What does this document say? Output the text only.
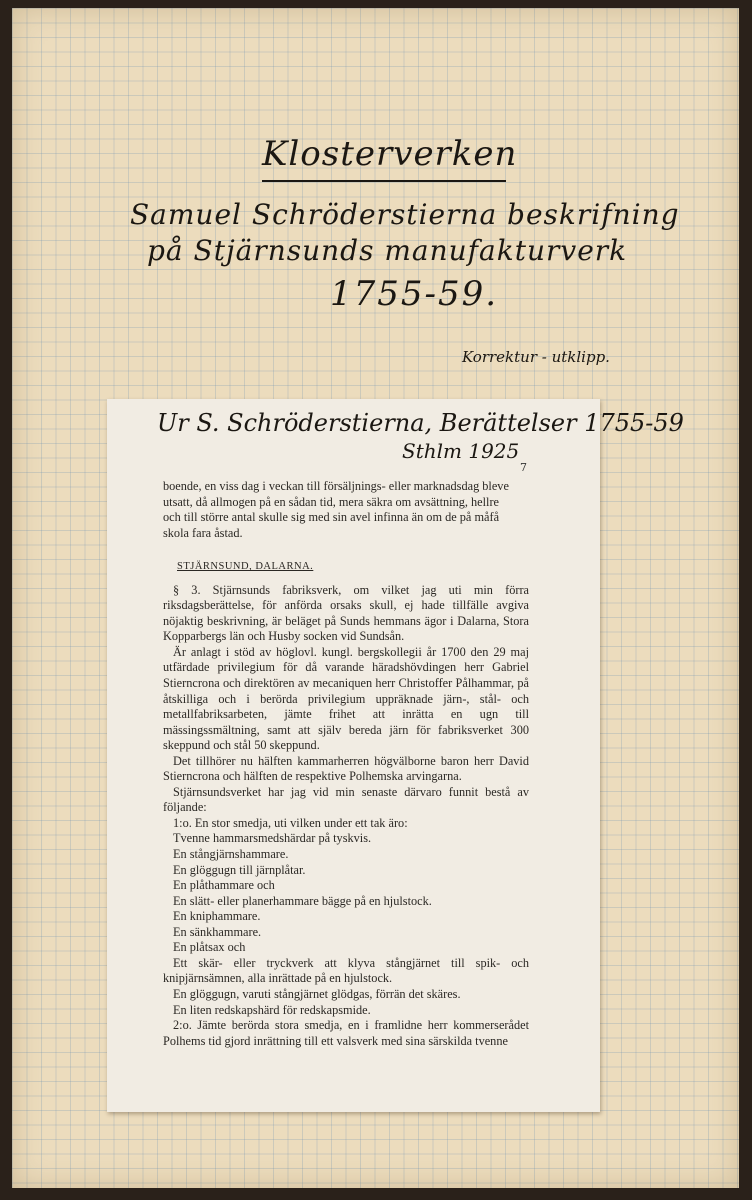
Klosterverken
Samuel Schröderstierna beskrifning
på Stjärnsunds manufakturverk
1755-59.
Korrektur - utklipp.
Ur S. Schröderstierna, Berättelser 1755-59
Sthlm 1925
7

boende, en viss dag i veckan till försäljnings- eller marknadsdag bleve

utsatt, då allmogen på en sådan tid, mera säkra om avsättning, hellre

och till större antal skulle sig med sin avel infinna än om de på måfå

skola fara åstad.

STJÄRNSUND, DALARNA.

§ 3. Stjärnsunds fabriksverk, om vilket jag uti min förra riksdagsberättelse, för anförda orsaks skull, ej hade tillfälle avgiva nöjaktig beskrivning, är beläget på Sunds hemmans ägor i Dalarna, Stora Kopparbergs län och Husby socken vid Sundsån.

Är anlagt i stöd av höglovl. kungl. bergskollegii år 1700 den 29 maj utfärdade privilegium för då varande häradshövdingen herr Gabriel Stierncrona och direktören av mecaniquen herr Christoffer Pålhammar, på åtskilliga och i berörda privilegium uppräknade järn-, stål- och metallfabriksarbeten, jämte frihet att inrätta en ugn till mässingssmältning, samt att själv bereda järn för fabriksverket 300 skeppund och stål 50 skeppund.

Det tillhörer nu hälften kammarherren högvälborne baron herr David Stierncrona och hälften de respektive Polhemska arvingarna.

Stjärnsundsverket har jag vid min senaste därvaro funnit bestå av följande:

1:o. En stor smedja, uti vilken under ett tak äro:

Tvenne hammarsmedshärdar på tyskvis.

En stångjärnshammare.

En glöggugn till järnplåtar.

En plåthammare och

En slätt- eller planerhammare bägge på en hjulstock.

En kniphammare.

En sänkhammare.

En plåtsax och

Ett skär- eller tryckverk att klyva stångjärnet till spik- och knipjärnsämnen, alla inrättade på en hjulstock.

En glöggugn, varuti stångjärnet glödgas, förrän det skäres.

En liten redskapshärd för redskapsmide.

2:o. Jämte berörda stora smedja, en i framlidne herr kommerserådet Polhems tid gjord inrättning till ett valsverk med sina särskilda tvenne
